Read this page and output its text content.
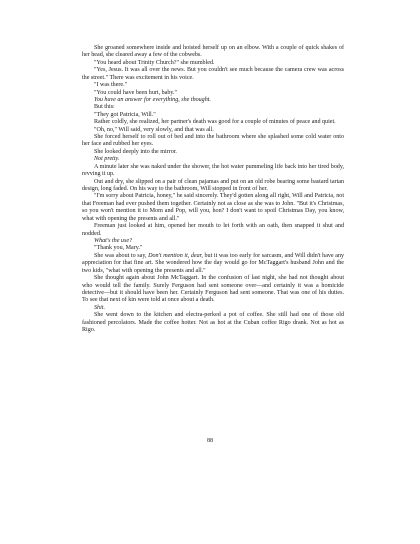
She groaned somewhere inside and hoisted herself up on an elbow. With a couple of quick shakes of her head, she cleared away a few of the cobwebs.

"You heard about Trinity Church?" she mumbled.

"Yes, Jesus. It was all over the news. But you couldn't see much because the camera crew was across the street." There was excitement in his voice.

"I was there."

"You could have been hurt, baby."

You have an answer for everything, she thought.

But this:

"They got Patricia, Will."

Rather coldly, she realized, her partner's death was good for a couple of minutes of peace and quiet.

"Oh, no," Will said, very slowly, and that was all.

She forced herself to roll out of bed and into the bathroom where she splashed some cold water onto her face and rubbed her eyes.

She looked deeply into the mirror.

Not pretty.

A minute later she was naked under the shower, the hot water pummeling life back into her tired body, revving it up.

Out and dry, she slipped on a pair of clean pajamas and put on an old robe bearing some bastard tartan design, long faded. On his way to the bathroom, Will stopped in front of her.

"I'm sorry about Patricia, honey," he said sincerely. They'd gotten along all right, Will and Patricia, not that Freeman had ever pushed them together. Certainly not as close as she was to John. "But it's Christmas, so you won't mention it to Mom and Pop, will you, hon? I don't want to spoil Christmas Day, you know, what with opening the presents and all."

Freeman just looked at him, opened her mouth to let forth with an oath, then snapped it shut and nodded.

What's the use?

"Thank you, Mary."

She was about to say, Don't mention it, dear, but it was too early for sarcasm, and Will didn't have any appreciation for that fine art. She wondered how the day would go for McTaggart's husband John and the two kids, "what with opening the presents and all."

She thought again about John McTaggart. In the confusion of last night, she had not thought about who would tell the family. Surely Ferguson had sent someone over—and certainly it was a homicide detective—but it should have been her. Certainly Ferguson had sent someone. That was one of his duties. To see that next of kin were told at once about a death.

Shit.

She went down to the kitchen and electra-perked a pot of coffee. She still had one of those old fashioned percolators. Made the coffee hotter. Not as hot at the Cuban coffee Rigo drank. Not as hot as Rigo.

88
